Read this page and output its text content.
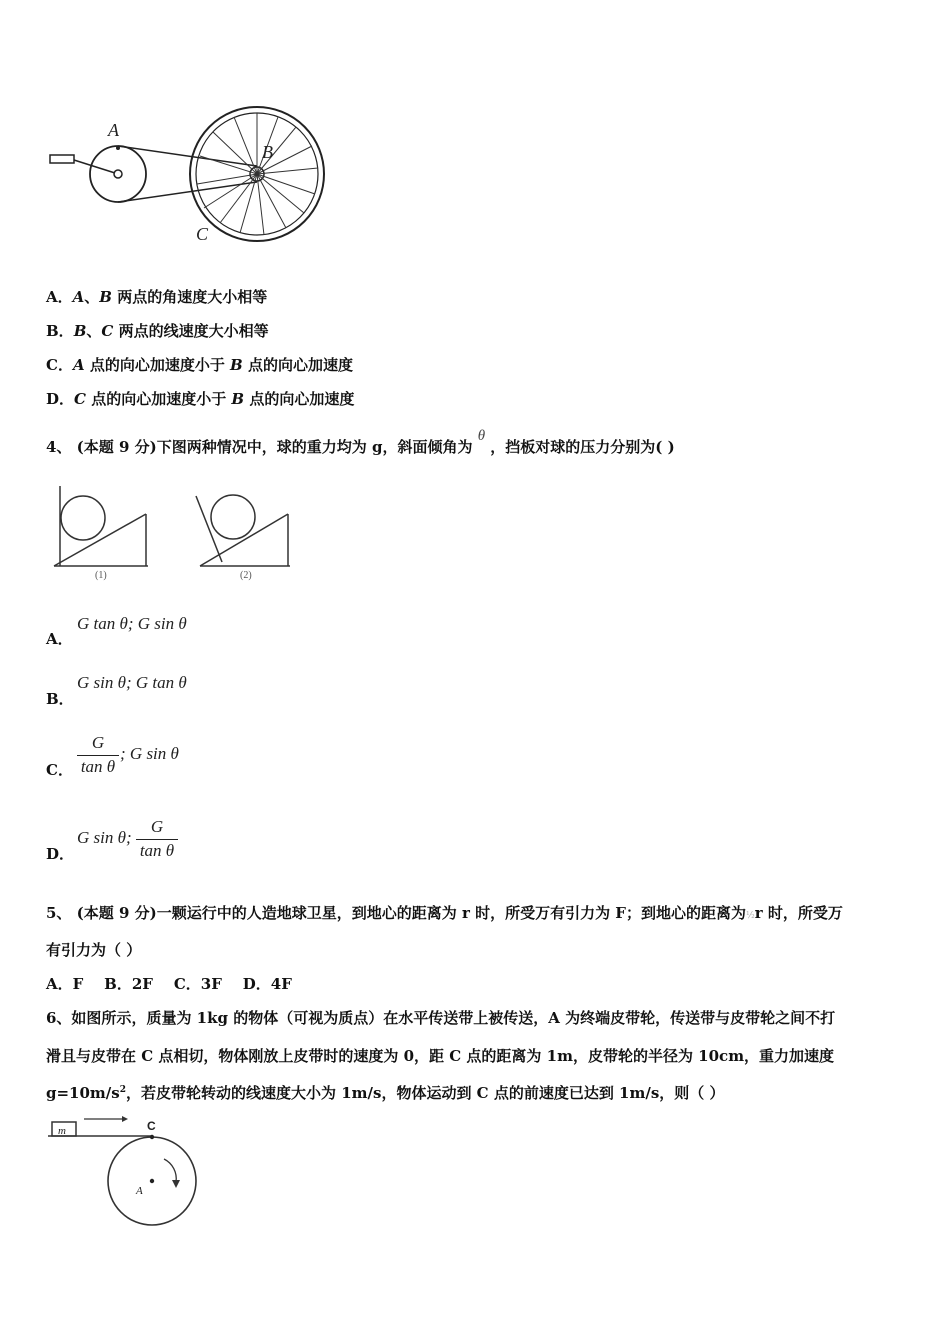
A
B
C
A．A、B 两点的角速度大小相等
B．B、C 两点的线速度大小相等
C．A 点的向心加速度小于 B 点的向心加速度
D．C 点的向心加速度小于 B 点的向心加速度
4、 (本题 9 分)下图两种情况中，球的重力均为 g，斜面倾角为 θ ，挡板对球的压力分别为( )
(1)	(2)
A．
G tan θ; G sin θ
B．
G sin θ; G tan θ
C．
G
tan θ
; G sin θ
D．
G sin θ;
G
tan θ
5、 (本题 9 分)一颗运行中的人造地球卫星，到地心的距离为 r 时，所受万有引力为 F；到地心的距离为½r 时，所受万
有引力为（ ）
A．F    B．2F    C．3F    D．4F
6、如图所示，质量为 1kg 的物体（可视为质点）在水平传送带上被传送，A 为终端皮带轮，传送带与皮带轮之间不打
滑且与皮带在 C 点相切，物体刚放上皮带时的速度为 0，距 C 点的距离为 1m，皮带轮的半径为 10cm，重力加速度
$g=10m/s^2$，若皮带轮转动的线速度大小为 1m/s，物体运动到 C 点的前速度已达到 1m/s，则（ ）
m	C
A
